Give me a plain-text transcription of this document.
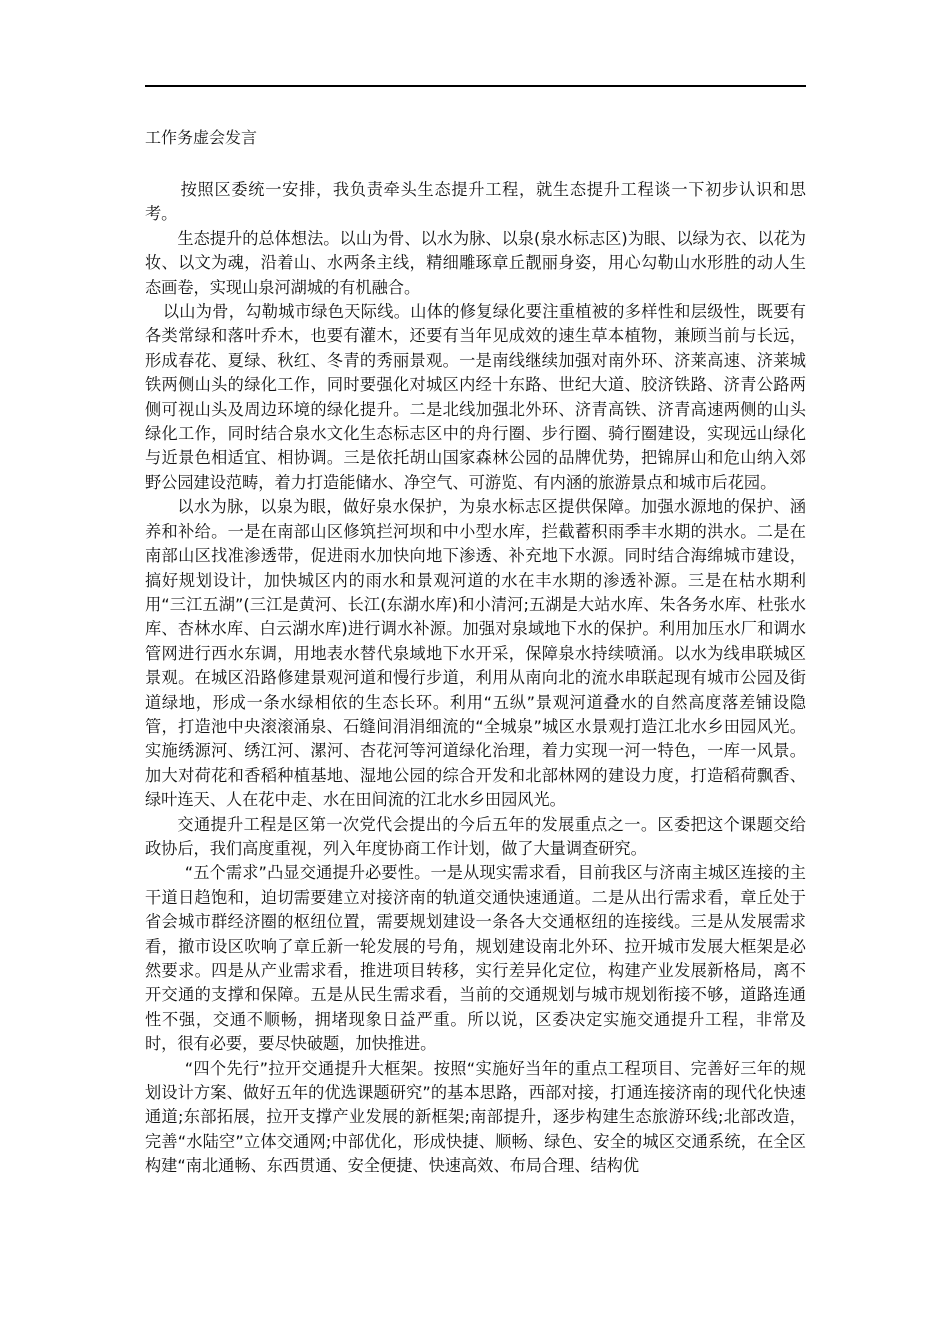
工作务虚会发言

按照区委统一安排，我负责牵头生态提升工程，就生态提升工程谈一下初步认识和思考。

生态提升的总体想法。以山为骨、以水为脉、以泉(泉水标志区)为眼、以绿为衣、以花为妆、以文为魂，沿着山、水两条主线，精细雕琢章丘靓丽身姿，用心勾勒山水形胜的动人生态画卷，实现山泉河湖城的有机融合。

以山为骨，勾勒城市绿色天际线。山体的修复绿化要注重植被的多样性和层级性，既要有各类常绿和落叶乔木，也要有灌木，还要有当年见成效的速生草本植物，兼顾当前与长远，形成春花、夏绿、秋红、冬青的秀丽景观。一是南线继续加强对南外环、济莱高速、济莱城铁两侧山头的绿化工作，同时要强化对城区内经十东路、世纪大道、胶济铁路、济青公路两侧可视山头及周边环境的绿化提升。二是北线加强北外环、济青高铁、济青高速两侧的山头绿化工作，同时结合泉水文化生态标志区中的舟行圈、步行圈、骑行圈建设，实现远山绿化与近景色相适宜、相协调。三是依托胡山国家森林公园的品牌优势，把锦屏山和危山纳入郊野公园建设范畴，着力打造能储水、净空气、可游览、有内涵的旅游景点和城市后花园。

以水为脉，以泉为眼，做好泉水保护，为泉水标志区提供保障。加强水源地的保护、涵养和补给。一是在南部山区修筑拦河坝和中小型水库，拦截蓄积雨季丰水期的洪水。二是在南部山区找准渗透带，促进雨水加快向地下渗透、补充地下水源。同时结合海绵城市建设，搞好规划设计，加快城区内的雨水和景观河道的水在丰水期的渗透补源。三是在枯水期利用“三江五湖”(三江是黄河、长江(东湖水库)和小清河;五湖是大站水库、朱各务水库、杜张水库、杏林水库、白云湖水库)进行调水补源。加强对泉域地下水的保护。利用加压水厂和调水管网进行西水东调，用地表水替代泉域地下水开采，保障泉水持续喷涌。以水为线串联城区景观。在城区沿路修建景观河道和慢行步道，利用从南向北的流水串联起现有城市公园及街道绿地，形成一条水绿相依的生态长环。利用“五纵”景观河道叠水的自然高度落差铺设隐管，打造池中央滚滚涌泉、石缝间涓涓细流的“全城泉”城区水景观打造江北水乡田园风光。实施绣源河、绣江河、漯河、杏花河等河道绿化治理，着力实现一河一特色，一库一风景。加大对荷花和香稻种植基地、湿地公园的综合开发和北部林网的建设力度，打造稻荷飘香、绿叶连天、人在花中走、水在田间流的江北水乡田园风光。

交通提升工程是区第一次党代会提出的今后五年的发展重点之一。区委把这个课题交给政协后，我们高度重视，列入年度协商工作计划，做了大量调查研究。

“五个需求”凸显交通提升必要性。一是从现实需求看，目前我区与济南主城区连接的主干道日趋饱和，迫切需要建立对接济南的轨道交通快速通道。二是从出行需求看，章丘处于省会城市群经济圈的枢纽位置，需要规划建设一条各大交通枢纽的连接线。三是从发展需求看，撤市设区吹响了章丘新一轮发展的号角，规划建设南北外环、拉开城市发展大框架是必然要求。四是从产业需求看，推进项目转移，实行差异化定位，构建产业发展新格局，离不开交通的支撑和保障。五是从民生需求看，当前的交通规划与城市规划衔接不够，道路连通性不强，交通不顺畅，拥堵现象日益严重。所以说，区委决定实施交通提升工程，非常及时，很有必要，要尽快破题，加快推进。

“四个先行”拉开交通提升大框架。按照“实施好当年的重点工程项目、完善好三年的规划设计方案、做好五年的优选课题研究”的基本思路，西部对接，打通连接济南的现代化快速通道;东部拓展，拉开支撑产业发展的新框架;南部提升，逐步构建生态旅游环线;北部改造，完善“水陆空”立体交通网;中部优化，形成快捷、顺畅、绿色、安全的城区交通系统，在全区构建“南北通畅、东西贯通、安全便捷、快速高效、布局合理、结构优
